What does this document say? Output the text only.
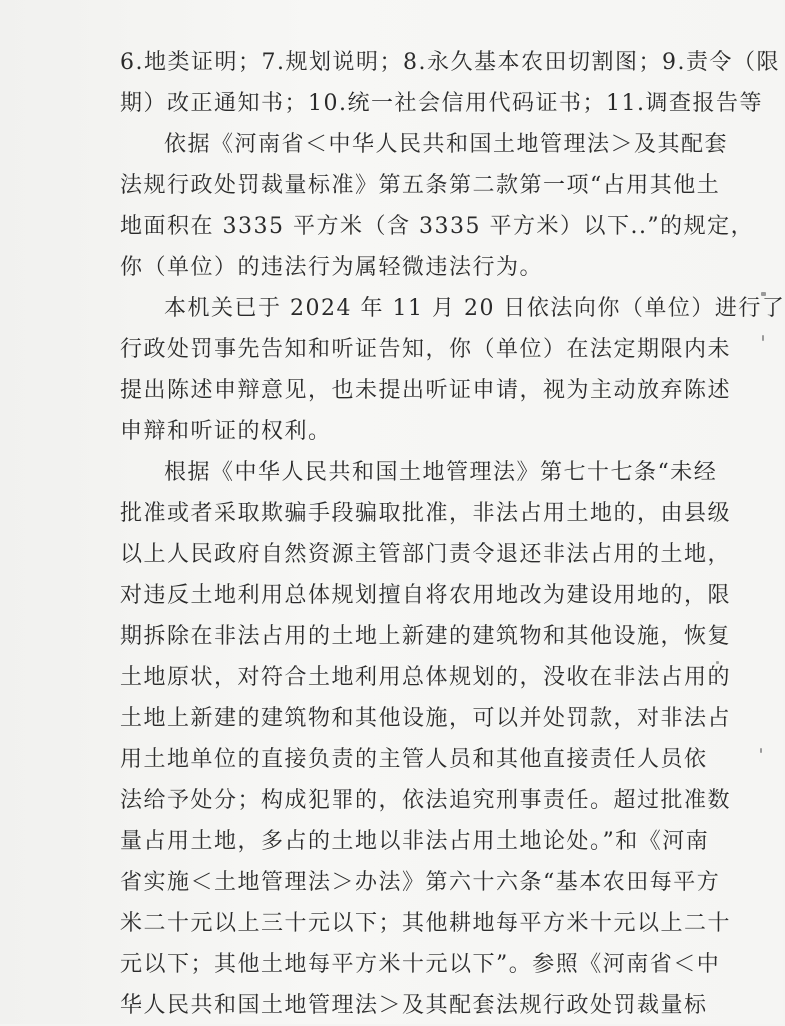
6.地类证明；7.规划说明；8.永久基本农田切割图；9.责令（限
期）改正通知书；10.统一社会信用代码证书；11.调查报告等
依据《河南省＜中华人民共和国土地管理法＞及其配套
法规行政处罚裁量标准》第五条第二款第一项“占用其他土
地面积在 3335 平方米（含 3335 平方米）以下..”的规定，
你（单位）的违法行为属轻微违法行为。
本机关已于 2024 年 11 月 20 日依法向你（单位）进行了
行政处罚事先告知和听证告知，你（单位）在法定期限内未
提出陈述申辩意见，也未提出听证申请，视为主动放弃陈述
申辩和听证的权利。
根据《中华人民共和国土地管理法》第七十七条“未经
批准或者采取欺骗手段骗取批准，非法占用土地的，由县级
以上人民政府自然资源主管部门责令退还非法占用的土地，
对违反土地利用总体规划擅自将农用地改为建设用地的，限
期拆除在非法占用的土地上新建的建筑物和其他设施，恢复
土地原状，对符合土地利用总体规划的，没收在非法占用的
土地上新建的建筑物和其他设施，可以并处罚款，对非法占
用土地单位的直接负责的主管人员和其他直接责任人员依
法给予处分；构成犯罪的，依法追究刑事责任。超过批准数
量占用土地，多占的土地以非法占用土地论处。”和《河南
省实施＜土地管理法＞办法》第六十六条“基本农田每平方
米二十元以上三十元以下；其他耕地每平方米十元以上二十
元以下；其他土地每平方米十元以下”。参照《河南省＜中
华人民共和国土地管理法＞及其配套法规行政处罚裁量标
